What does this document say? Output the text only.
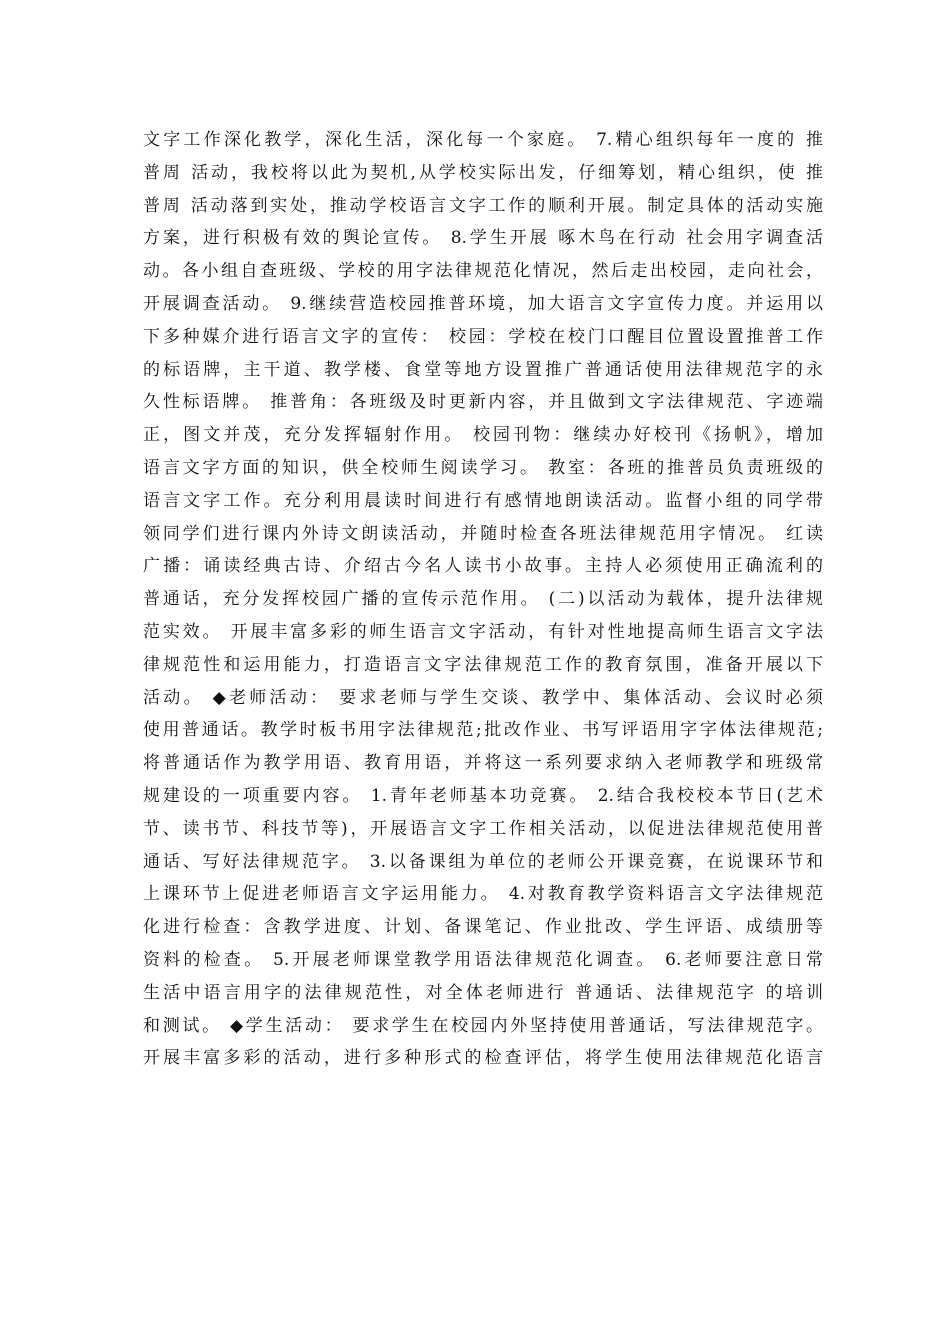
文字工作深化教学，深化生活，深化每一个家庭。 7.精心组织每年一度的 推
普周 活动，我校将以此为契机,从学校实际出发，仔细筹划，精心组织，使 推
普周 活动落到实处，推动学校语言文字工作的顺利开展。制定具体的活动实施
方案，进行积极有效的舆论宣传。 8.学生开展 啄木鸟在行动 社会用字调查活
动。各小组自查班级、学校的用字法律规范化情况，然后走出校园，走向社会，
开展调查活动。 9.继续营造校园推普环境，加大语言文字宣传力度。并运用以
下多种媒介进行语言文字的宣传： 校园：学校在校门口醒目位置设置推普工作
的标语牌，主干道、教学楼、食堂等地方设置推广普通话使用法律规范字的永
久性标语牌。 推普角：各班级及时更新内容，并且做到文字法律规范、字迹端
正，图文并茂，充分发挥辐射作用。 校园刊物：继续办好校刊《扬帆》，增加
语言文字方面的知识，供全校师生阅读学习。 教室：各班的推普员负责班级的
语言文字工作。充分利用晨读时间进行有感情地朗读活动。监督小组的同学带
领同学们进行课内外诗文朗读活动，并随时检查各班法律规范用字情况。 红读
广播：诵读经典古诗、介绍古今名人读书小故事。主持人必须使用正确流利的
普通话，充分发挥校园广播的宣传示范作用。 (二)以活动为载体，提升法律规
范实效。 开展丰富多彩的师生语言文字活动，有针对性地提高师生语言文字法
律规范性和运用能力，打造语言文字法律规范工作的教育氛围，准备开展以下
活动。 ◆老师活动： 要求老师与学生交谈、教学中、集体活动、会议时必须
使用普通话。教学时板书用字法律规范;批改作业、书写评语用字字体法律规范;
将普通话作为教学用语、教育用语，并将这一系列要求纳入老师教学和班级常
规建设的一项重要内容。 1.青年老师基本功竞赛。 2.结合我校校本节日(艺术
节、读书节、科技节等)，开展语言文字工作相关活动，以促进法律规范使用普
通话、写好法律规范字。 3.以备课组为单位的老师公开课竞赛，在说课环节和
上课环节上促进老师语言文字运用能力。 4.对教育教学资料语言文字法律规范
化进行检查：含教学进度、计划、备课笔记、作业批改、学生评语、成绩册等
资料的检查。 5.开展老师课堂教学用语法律规范化调查。 6.老师要注意日常
生活中语言用字的法律规范性，对全体老师进行 普通话、法律规范字 的培训
和测试。 ◆学生活动： 要求学生在校园内外坚持使用普通话，写法律规范字。
开展丰富多彩的活动，进行多种形式的检查评估，将学生使用法律规范化语言
